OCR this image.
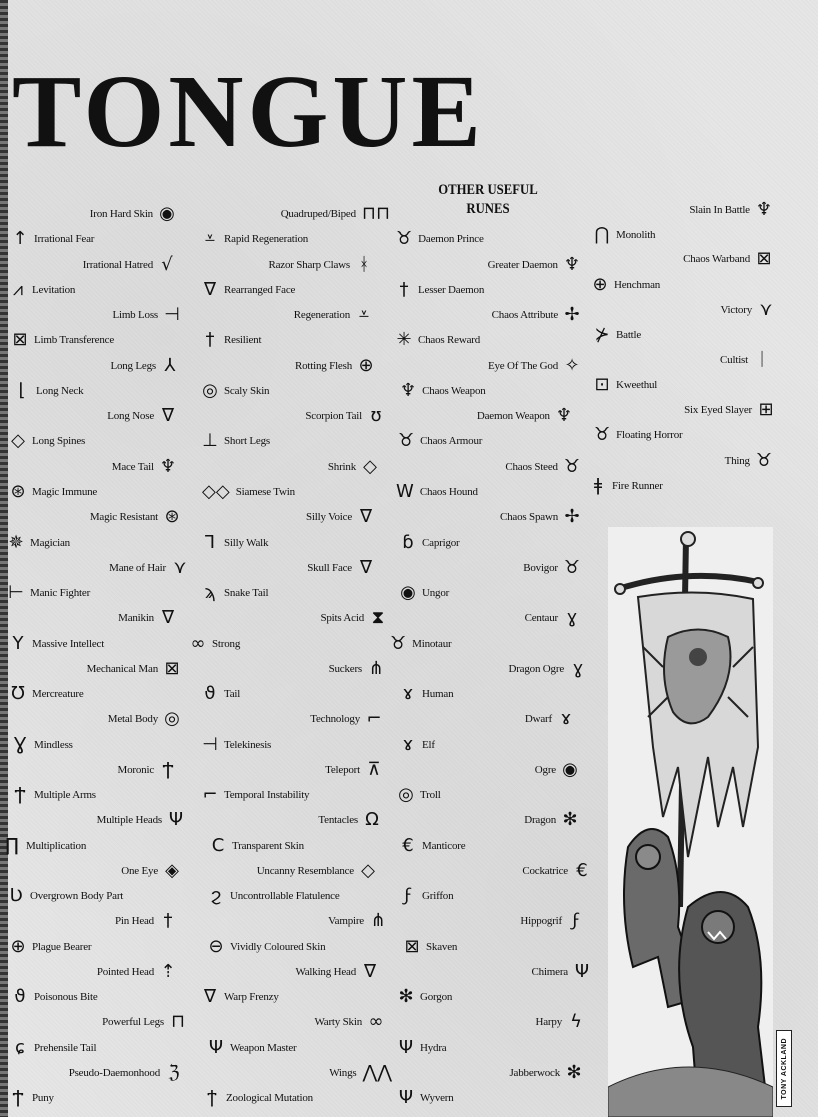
TONGUE
OTHER USEFUL RUNES
◉
Iron Hard Skin
↑ Irrational Fear
√
Irrational Hatred
⩘ Levitation
⊣
Limb Loss
⊠ Limb Transference
⅄
Long Legs
⌊ Long Neck
∇
Long Nose
◇ Long Spines
♆
Mace Tail
⊛ Magic Immune
⊛
Magic Resistant
✵ Magician
⋎
Mane of Hair
⊢ Manic Fighter
∇
Manikin
Y Massive Intellect
⊠
Mechanical Man
Ʊ Mercreature
◎
Metal Body
Ɣ Mindless
Ϯ
Moronic
Ϯ Multiple Arms
Ψ
Multiple Heads
∏ Multiplication
◈
One Eye
Ʋ Overgrown Body Part
†
Pin Head
⊕ Plague Bearer
⇡
Pointed Head
ϑ Poisonous Bite
⊓
Powerful Legs
ɕ Prehensile Tail
ℨ
Pseudo-Daemonhood
Ϯ Puny
⊓⊓
Quadruped/Biped
⩡ Rapid Regeneration
ᚼ
Razor Sharp Claws
∇ Rearranged Face
⩡
Regeneration
† Resilient
⊕
Rotting Flesh
◎ Scaly Skin
ʊ
Scorpion Tail
⊥ Short Legs
◇
Shrink
◇◇ Siamese Twin
∇
Silly Voice
Ꞁ Silly Walk
∇
Skull Face
ϡ Snake Tail
⧗
Spits Acid
∞ Strong
⋔
Suckers
ϑ Tail
⌐
Technology
⊣ Telekinesis
⊼
Teleport
⌐ Temporal Instability
Ω
Tentacles
C Transparent Skin
◇
Uncanny Resemblance
ϩ Uncontrollable Flatulence
⋔
Vampire
⊖ Vividly Coloured Skin
∇
Walking Head
∇ Warp Frenzy
∞
Warty Skin
Ψ Weapon Master
⋀⋀
Wings
ϯ Zoological Mutation
♉ Daemon Prince
♆
Greater Daemon
† Lesser Daemon
✢
Chaos Attribute
✳ Chaos Reward
✧
Eye Of The God
♆ Chaos Weapon
♆
Daemon Weapon
♉ Chaos Armour
♉
Chaos Steed
W Chaos Hound
✢
Chaos Spawn
ɓ Caprigor
♉
Bovigor
◉ Ungor
ɣ
Centaur
♉ Minotaur
ɣ
Dragon Ogre
ɤ Human
ɤ
Dwarf
ɤ Elf
◉
Ogre
◎ Troll
✻
Dragon
€ Manticore
€
Cockatrice
ϝ Griffon
ϝ
Hippogrif
⊠ Skaven
Ψ
Chimera
✻ Gorgon
ϟ
Harpy
Ψ Hydra
✻
Jabberwock
Ψ Wyvern
♆
Slain In Battle
⋂ Monolith
⊠
Chaos Warband
⊕ Henchman
⋎
Victory
⊁ Battle
ᛁ
Cultist
⊡ Kweethul
⊞
Six Eyed Slayer
♉ Floating Horror
♉
Thing
ǂ Fire Runner
TONY ACKLAND
